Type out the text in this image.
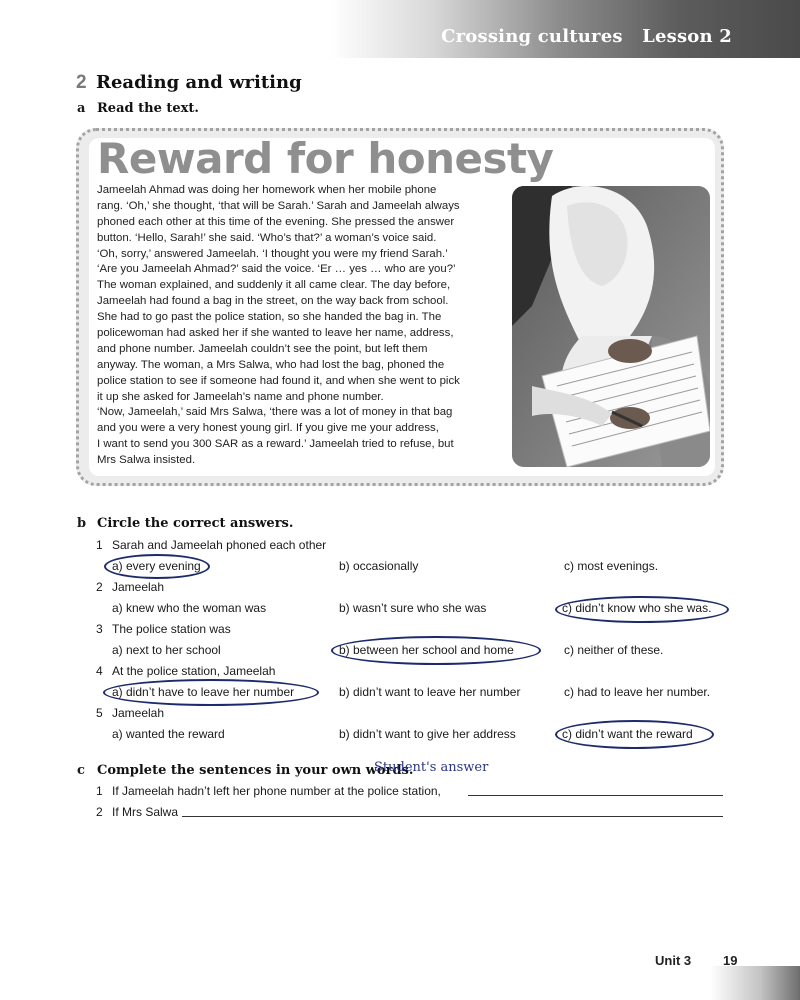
Crossing cultures Lesson 2
2 Reading and writing
a Read the text.
Reward for honesty
Jameelah Ahmad was doing her homework when her mobile phone
rang. ‘Oh,’ she thought, ‘that will be Sarah.’ Sarah and Jameelah always
phoned each other at this time of the evening. She pressed the answer
button. ‘Hello, Sarah!’ she said. ‘Who’s that?’ a woman’s voice said.
‘Oh, sorry,’ answered Jameelah. ‘I thought you were my friend Sarah.’
‘Are you Jameelah Ahmad?’ said the voice. ‘Er … yes … who are you?’
The woman explained, and suddenly it all came clear. The day before,
Jameelah had found a bag in the street, on the way back from school.
She had to go past the police station, so she handed the bag in. The
policewoman had asked her if she wanted to leave her name, address,
and phone number. Jameelah couldn’t see the point, but left them
anyway. The woman, a Mrs Salwa, who had lost the bag, phoned the
police station to see if someone had found it, and when she went to pick
it up she asked for Jameelah’s name and phone number.
‘Now, Jameelah,’ said Mrs Salwa, ‘there was a lot of money in that bag
and you were a very honest young girl. If you give me your address,
I want to send you 300 SAR as a reward.’ Jameelah tried to refuse, but
Mrs Salwa insisted.
b Circle the correct answers.
1 Sarah and Jameelah phoned each other
a) every evening	b) occasionally	c) most evenings.
2 Jameelah
a) knew who the woman was	b) wasn’t sure who she was	c) didn’t know who she was.
3 The police station was
a) next to her school	b) between her school and home	c) neither of these.
4 At the police station, Jameelah
a) didn’t have to leave her number	b) didn’t want to leave her number	c) had to leave her number.
5 Jameelah
a) wanted the reward	b) didn’t want to give her address	c) didn’t want the reward
c Complete the sentences in your own words.
Student's answer
1 If Jameelah hadn’t left her phone number at the police station,
2 If Mrs Salwa
Unit 3 19
